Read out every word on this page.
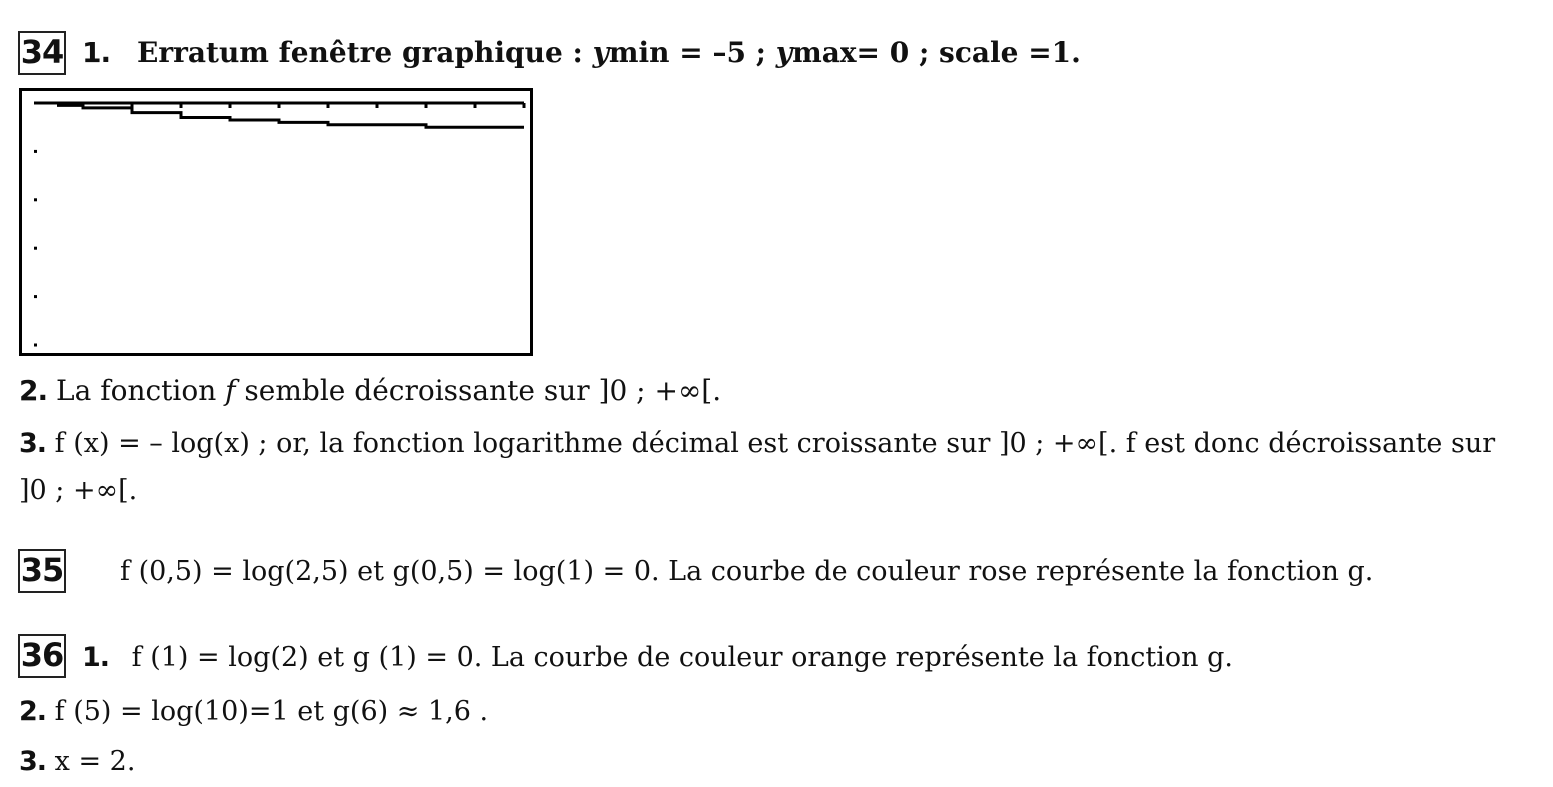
34 1. Erratum fenêtre graphique : ymin = –5 ; ymax= 0 ; scale =1.
2. La fonction f semble décroissante sur ]0 ; +∞[.
3. f (x) = – log(x) ; or, la fonction logarithme décimal est croissante sur ]0 ; +∞[. f est donc décroissante sur
]0 ; +∞[.
35 f (0,5) = log(2,5) et g(0,5) = log(1) = 0. La courbe de couleur rose représente la fonction g.
36 1. f (1) = log(2) et g (1) = 0. La courbe de couleur orange représente la fonction g.
2. f (5) = log(10)=1 et g(6) ≈ 1,6 .
3. x = 2.
